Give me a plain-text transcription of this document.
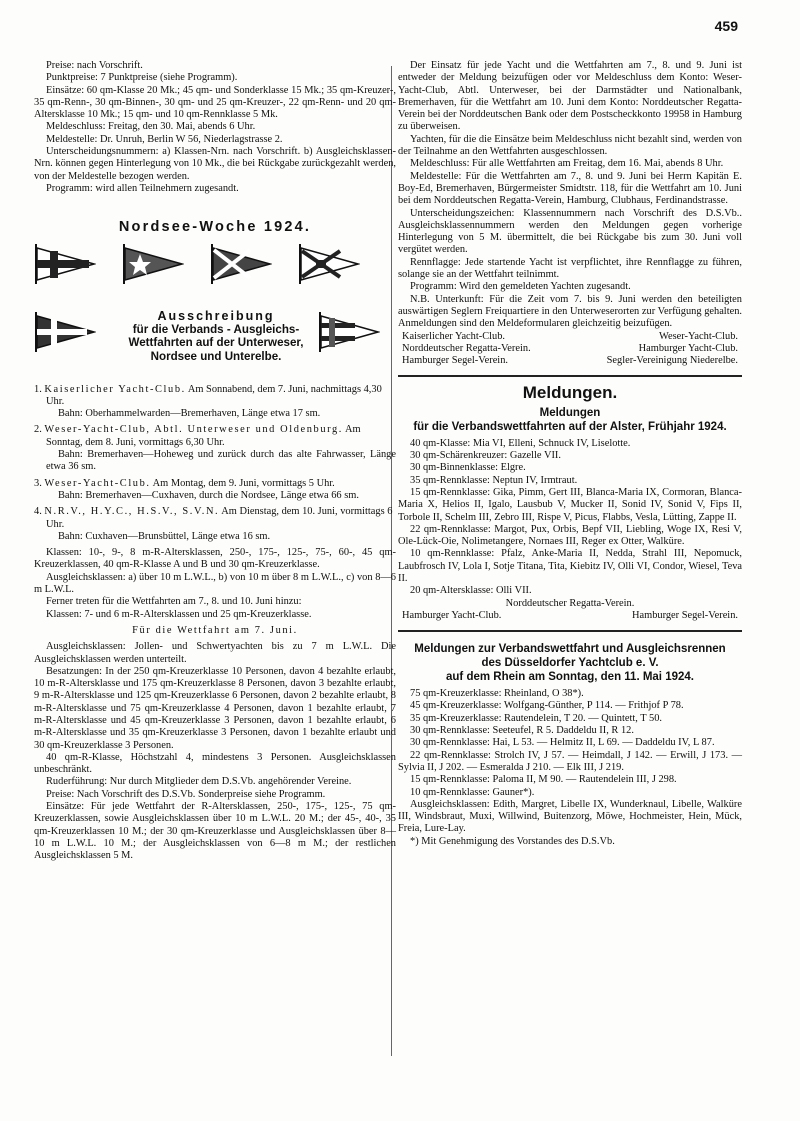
459

Preise: nach Vorschrift.

Punktpreise: 7 Punktpreise (siehe Programm).

Einsätze: 60 qm-Klasse 20 Mk.; 45 qm- und Sonderklasse 15 Mk.; 35 qm-Kreuzer-, 35 qm-Renn-, 30 qm-Binnen-, 30 qm- und 25 qm-Kreuzer-, 22 qm-Renn- und 20 qm-Altersklasse 10 Mk.; 15 qm- und 10 qm-Rennklasse 5 Mk.

Meldeschluss: Freitag, den 30. Mai, abends 6 Uhr.

Meldestelle: Dr. Unruh, Berlin W 56, Niederlagstrasse 2.

Unterscheidungsnummern: a) Klassen-Nrn. nach Vorschrift. b) Ausgleichsklassen-Nrn. können gegen Hinterlegung von 10 Mk., die bei Rückgabe zurückgezahlt werden, von der Meldestelle bezogen werden.

Programm: wird allen Teilnehmern zugesandt.

Nordsee-Woche 1924.
Ausschreibung
für die Verbands - Ausgleichs-
Wettfahrten auf der Unterweser,
Nordsee und Unterelbe.
1. Kaiserlicher Yacht-Club. Am Sonnabend, dem 7. Juni, nachmittags 4,30 Uhr.

Bahn: Oberhammelwarden—Bremerhaven, Länge etwa 17 sm.

2. Weser-Yacht-Club, Abtl. Unterweser und Oldenburg. Am Sonntag, dem 8. Juni, vormittags 6,30 Uhr.

Bahn: Bremerhaven—Hoheweg und zurück durch das alte Fahrwasser, Länge etwa 36 sm.

3. Weser-Yacht-Club. Am Montag, dem 9. Juni, vormittags 5 Uhr.

Bahn: Bremerhaven—Cuxhaven, durch die Nordsee, Länge etwa 66 sm.

4. N.R.V., H.Y.C., H.S.V., S.V.N. Am Dienstag, dem 10. Juni, vormittags 6 Uhr.

Bahn: Cuxhaven—Brunsbüttel, Länge etwa 16 sm.

Klassen: 10-, 9-, 8 m-R-Altersklassen, 250-, 175-, 125-, 75-, 60-, 45 qm-Kreuzerklassen, 40 qm-R-Klasse A und B und 30 qm-Kreuzerklasse.

Ausgleichsklassen: a) über 10 m L.W.L., b) von 10 m über 8 m L.W.L., c) von 8—6 m L.W.L.

Ferner treten für die Wettfahrten am 7., 8. und 10. Juni hinzu:

Klassen: 7- und 6 m-R-Altersklassen und 25 qm-Kreuzerklasse.

Für die Wettfahrt am 7. Juni.

Ausgleichsklassen: Jollen- und Schwertyachten bis zu 7 m L.W.L. Die Ausgleichsklassen werden unterteilt.

Besatzungen: In der 250 qm-Kreuzerklasse 10 Personen, davon 4 bezahlte erlaubt, 10 m-R-Altersklasse und 175 qm-Kreuzerklasse 8 Personen, davon 3 bezahlte erlaubt, 9 m-R-Altersklasse und 125 qm-Kreuzerklasse 6 Personen, davon 2 bezahlte erlaubt, 8 m-R-Altersklasse und 75 qm-Kreuzerklasse 4 Personen, davon 1 bezahlte erlaubt, 7 m-R-Altersklasse und 45 qm-Kreuzerklasse 3 Personen, davon 1 bezahlte erlaubt, 6 m-R-Altersklasse und 35 qm-Kreuzerklasse 3 Personen, davon 1 bezahlte erlaubt und 30 qm-Kreuzerklasse 3 Personen.

40 qm-R-Klasse, Höchstzahl 4, mindestens 3 Personen. Ausgleichsklassen unbeschränkt.

Ruderführung: Nur durch Mitglieder dem D.S.Vb. angehörender Vereine.

Preise: Nach Vorschrift des D.S.Vb. Sonderpreise siehe Programm.

Einsätze: Für jede Wettfahrt der R-Altersklassen, 250-, 175-, 125-, 75 qm-Kreuzerklassen, sowie Ausgleichsklassen über 10 m L.W.L. 20 M.; der 45-, 40-, 35 qm-Kreuzerklassen 10 M.; der 30 qm-Kreuzerklasse und Ausgleichsklassen über 8—10 m L.W.L. 10 M.; der Ausgleichsklassen von 6—8 m M.; der restlichen Ausgleichsklassen 5 M.

Der Einsatz für jede Yacht und die Wettfahrten am 7., 8. und 9. Juni ist entweder der Meldung beizufügen oder vor Meldeschluss dem Konto: Weser-Yacht-Club, Abtl. Unterweser, bei der Darmstädter und Nationalbank, Bremerhaven, für die Wettfahrt am 10. Juni dem Konto: Norddeutscher Regatta-Verein bei der Norddeutschen Bank oder dem Postscheckkonto 19958 in Hamburg zu überweisen.

Yachten, für die die Einsätze beim Meldeschluss nicht bezahlt sind, werden von der Teilnahme an den Wettfahrten ausgeschlossen.

Meldeschluss: Für alle Wettfahrten am Freitag, dem 16. Mai, abends 8 Uhr.

Meldestelle: Für die Wettfahrten am 7., 8. und 9. Juni bei Herrn Kapitän E. Boy-Ed, Bremerhaven, Bürgermeister Smidtstr. 118, für die Wettfahrt am 10. Juni bei dem Norddeutschen Regatta-Verein, Hamburg, Clubhaus, Ferdinandstrasse.

Unterscheidungszeichen: Klassennummern nach Vorschrift des D.S.Vb.. Ausgleichsklassennummern werden den Meldungen gegen vorherige Hinterlegung von 5 M. übermittelt, die bei Rückgabe bis zum 30. Juni voll vergütet werden.

Rennflagge: Jede startende Yacht ist verpflichtet, ihre Rennflagge zu führen, solange sie an der Wettfahrt teilnimmt.

Programm: Wird den gemeldeten Yachten zugesandt.

N.B. Unterkunft: Für die Zeit vom 7. bis 9. Juni werden den beteiligten auswärtigen Seglern Freiquartiere in den Unterweserorten zur Verfügung gehalten. Anmeldungen sind den Meldeformularen gleichzeitig beizufügen.

Kaiserlicher Yacht-Club.	Weser-Yacht-Club.
Norddeutscher Regatta-Verein.	Hamburger Yacht-Club.
Hamburger Segel-Verein.	Segler-Vereinigung Niederelbe.
Meldungen.
Meldungen
für die Verbandswettfahrten auf der Alster, Frühjahr 1924.

40 qm-Klasse: Mia VI, Elleni, Schnuck IV, Liselotte.

30 qm-Schärenkreuzer: Gazelle VII.

30 qm-Binnenklasse: Elgre.

35 qm-Rennklasse: Neptun IV, Irmtraut.

15 qm-Rennklasse: Gika, Pimm, Gert III, Blanca-Maria IX, Cormoran, Blanca-Maria X, Helios II, Igalo, Lausbub V, Mucker II, Sonid IV, Sonid V, Fips II, Torbole II, Schelm III, Zebro III, Rispe V, Picus, Flabbs, Vesla, Lütting, Zappe II.

22 qm-Rennklasse: Margot, Pux, Orbis, Bepf VII, Liebling, Woge IX, Resi V, Ole-Lück-Oie, Nolimetangere, Nornaes III, Reger ex Otter, Walküre.

10 qm-Rennklasse: Pfalz, Anke-Maria II, Nedda, Strahl III, Nepomuck, Laubfrosch IV, Lola I, Sotje Titana, Tita, Kiebitz IV, Olli VI, Condor, Wiesel, Teva II.

20 qm-Altersklasse: Olli VII.

Norddeutscher Regatta-Verein.

Hamburger Yacht-Club.	Hamburger Segel-Verein.
Meldungen zur Verbandswettfahrt und Ausgleichsrennen
des Düsseldorfer Yachtclub e. V.
auf dem Rhein am Sonntag, den 11. Mai 1924.

75 qm-Kreuzerklasse: Rheinland, O 38*).

45 qm-Kreuzerklasse: Wolfgang-Günther, P 114. — Frithjof P 78.

35 qm-Kreuzerklasse: Rautendelein, T 20. — Quintett, T 50.

30 qm-Rennklasse: Seeteufel, R 5. Daddeldu II, R 12.

30 qm-Rennklasse: Hai, L 53. — Helmitz II, L 69. — Daddeldu IV, L 87.

22 qm-Rennklasse: Strolch IV, J 57. — Heimdall, J 142. — Erwill, J 173. — Sylvia II, J 202. — Esmeralda J 210. — Elk III, J 219.

15 qm-Rennklasse: Paloma II, M 90. — Rautendelein III, J 298.

10 qm-Rennklasse: Gauner*).

Ausgleichsklassen: Edith, Margret, Libelle IX, Wunderknaul, Libelle, Walküre III, Windsbraut, Muxi, Willwind, Buitenzorg, Möwe, Hochmeister, Hein, Mück, Freia, Lure-Lay.

*) Mit Genehmigung des Vorstandes des D.S.Vb.
